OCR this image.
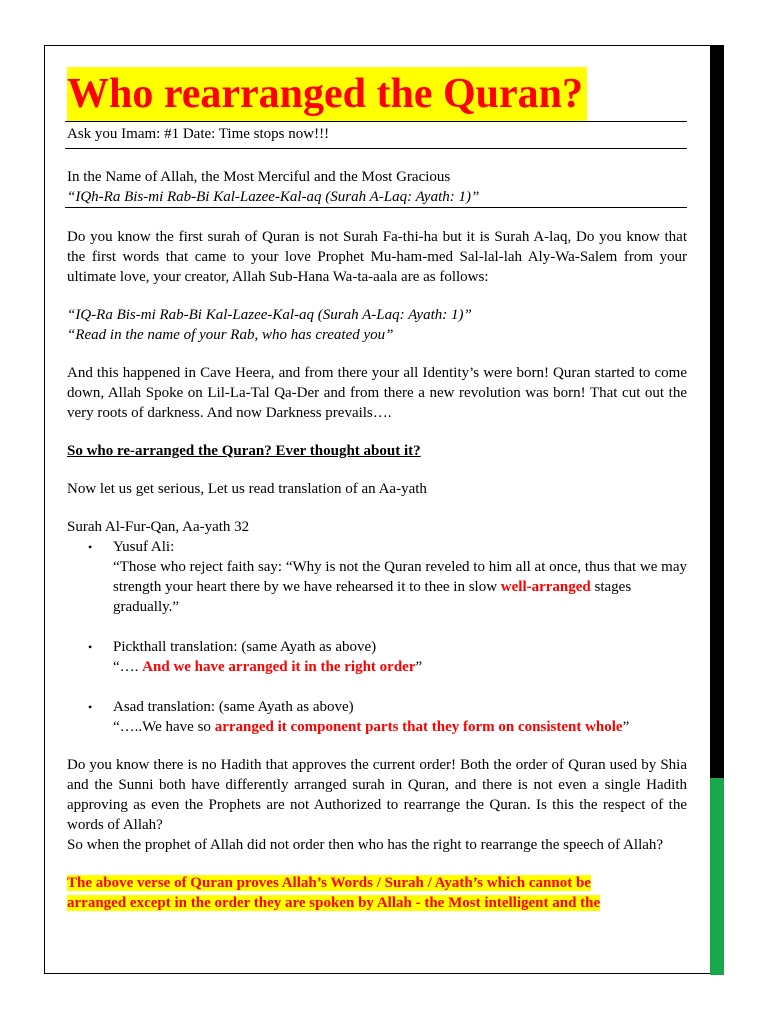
Who rearranged the Quran?
Ask you Imam: #1 Date: Time stops now!!!

In the Name of Allah, the Most Merciful and the Most Gracious

“IQh-Ra Bis-mi Rab-Bi Kal-Lazee-Kal-aq (Surah A-Laq: Ayath: 1)”

Do you know the first surah of Quran is not Surah Fa-thi-ha but it is Surah A-laq, Do you know that the first words that came to your love Prophet Mu-ham-med Sal-lal-lah Aly-Wa-Salem from your ultimate love, your creator, Allah Sub-Hana Wa-ta-aala are as follows:

“IQ-Ra Bis-mi Rab-Bi Kal-Lazee-Kal-aq (Surah A-Laq: Ayath: 1)”

“Read in the name of your Rab, who has created you”

And this happened in Cave Heera, and from there your all Identity’s were born! Quran started to come down, Allah Spoke on Lil-La-Tal Qa-Der and from there a new revolution was born! That cut out the very roots of darkness. And now Darkness prevails….

So who re-arranged the Quran? Ever thought about it?

Now let us get serious, Let us read translation of an Aa-yath

Surah Al-Fur-Qan, Aa-yath 32

• Yusuf Ali:
“Those who reject faith say: “Why is not the Quran reveled to him all at once, thus that we may strength your heart there by we have rehearsed it to thee in slow well-arranged stages gradually.”
• Pickthall translation: (same Ayath as above)
“…. And we have arranged it in the right order”
• Asad translation: (same Ayath as above)
“…..We have so arranged it component parts that they form on consistent whole”

Do you know there is no Hadith that approves the current order! Both the order of Quran used by Shia and the Sunni both have differently arranged surah in Quran, and there is not even a single Hadith approving as even the Prophets are not Authorized to rearrange the Quran. Is this the respect of the words of Allah?

So when the prophet of Allah did not order then who has the right to rearrange the speech of Allah?

The above verse of Quran proves Allah’s Words / Surah / Ayath’s which cannot be
arranged except in the order they are spoken by Allah - the Most intelligent and the
